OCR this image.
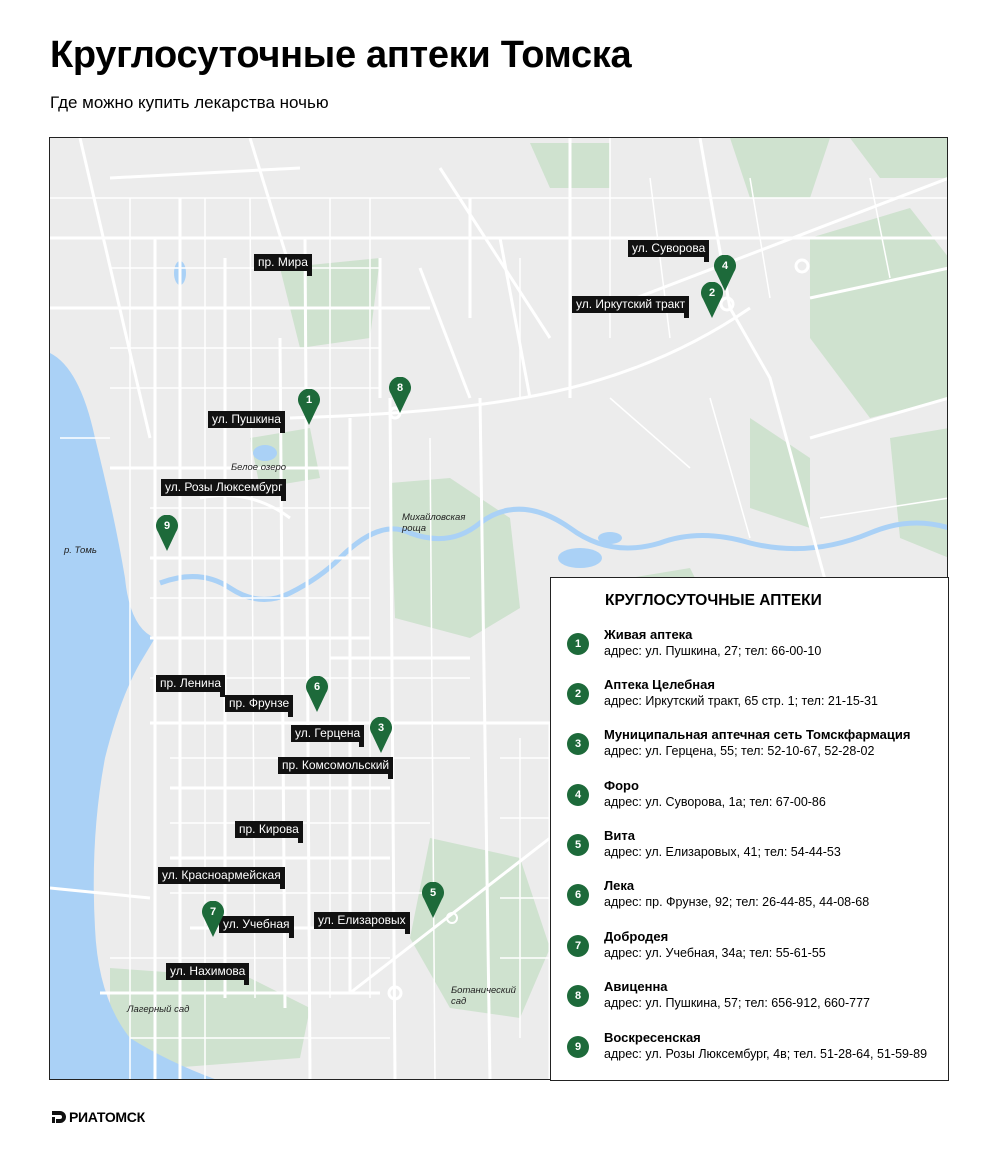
Круглосуточные аптеки Томска
Где можно купить лекарства ночью
пр. Мира
ул. Суворова
ул. Иркутский тракт
ул. Пушкина
ул. Розы Люксембург
пр. Ленина
пр. Фрунзе
ул. Герцена
пр. Комсомольский
пр. Кирова
ул. Красноармейская
ул. Учебная	ул. Елизаровых
ул. Нахимова
Белое озеро
р. Томь
Михайловская роща
Ботанический сад
Лагерный сад
1
2
3
4
5
6
7
8
9
КРУГЛОСУТОЧНЫЕ АПТЕКИ
1
Живая аптека
адрес: ул. Пушкина, 27; тел: 66-00-10
2
Аптека Целебная
адрес: Иркутский тракт, 65 стр. 1; тел: 21-15-31
3
Муниципальная аптечная сеть Томскфармация
адрес: ул. Герцена, 55; тел: 52-10-67, 52-28-02
4
Форо
адрес: ул. Суворова, 1а; тел: 67-00-86
5
Вита
адрес: ул. Елизаровых, 41; тел: 54-44-53
6
Лека
адрес: пр. Фрунзе, 92; тел: 26-44-85, 44-08-68
7
Добродея
адрес: ул. Учебная, 34а; тел: 55-61-55
8
Авиценна
адрес: ул. Пушкина, 57; тел: 656-912, 660-777
9
Воскресенская
адрес: ул. Розы Люксембург, 4в; тел. 51-28-64, 51-59-89
РИАТОМСК
